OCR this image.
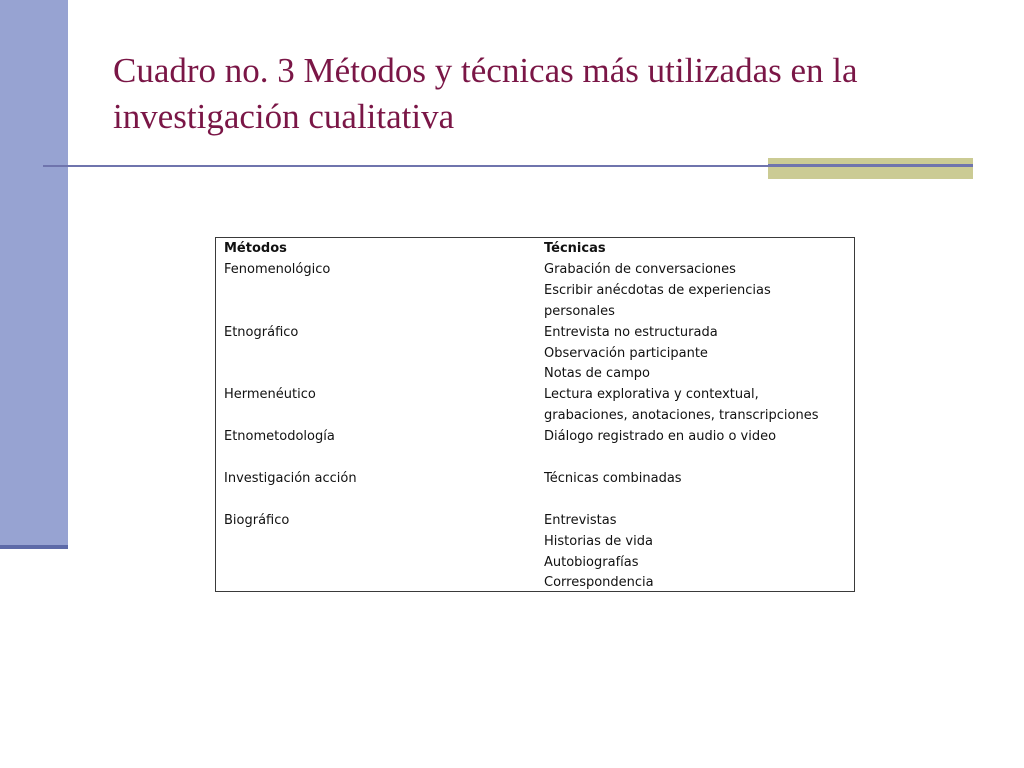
Cuadro no. 3 Métodos y técnicas más utilizadas en la
investigación cualitativa
Métodos	Técnicas
Fenomenológico	Grabación de conversaciones
	Escribir anécdotas de experiencias
	personales
Etnográfico	Entrevista no estructurada
	Observación participante
	Notas de campo
Hermenéutico	Lectura explorativa y contextual,
	grabaciones, anotaciones, transcripciones
Etnometodología	Diálogo registrado en audio o video

Investigación acción	Técnicas combinadas

Biográfico	Entrevistas
	Historias de vida
	Autobiografías
	Correspondencia
